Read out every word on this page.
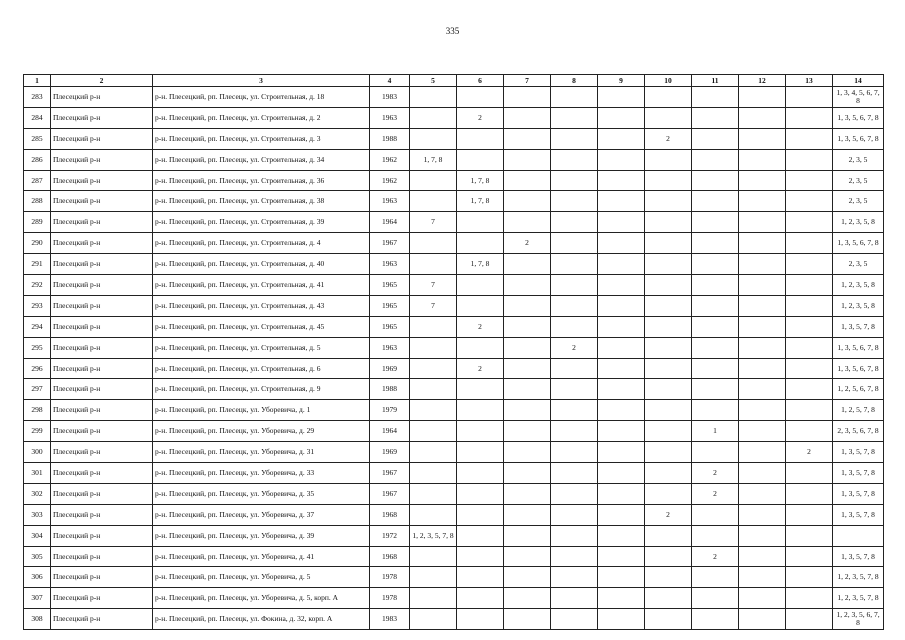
335
1	2	3	4	5	6	7	8	9	10	11	12	13	14
283	Плесецкий р-н	р-н. Плесецкий, рп. Плесецк, ул. Строительная, д. 18	1983										1, 3, 4, 5, 6, 7, 8
284	Плесецкий р-н	р-н. Плесецкий, рп. Плесецк, ул. Строительная, д. 2	1963		2								1, 3, 5, 6, 7, 8
285	Плесецкий р-н	р-н. Плесецкий, рп. Плесецк, ул. Строительная, д. 3	1988						2				1, 3, 5, 6, 7, 8
286	Плесецкий р-н	р-н. Плесецкий, рп. Плесецк, ул. Строительная, д. 34	1962	1, 7, 8									2, 3, 5
287	Плесецкий р-н	р-н. Плесецкий, рп. Плесецк, ул. Строительная, д. 36	1962		1, 7, 8								2, 3, 5
288	Плесецкий р-н	р-н. Плесецкий, рп. Плесецк, ул. Строительная, д. 38	1963		1, 7, 8								2, 3, 5
289	Плесецкий р-н	р-н. Плесецкий, рп. Плесецк, ул. Строительная, д. 39	1964	7									1, 2, 3, 5, 8
290	Плесецкий р-н	р-н. Плесецкий, рп. Плесецк, ул. Строительная, д. 4	1967			2							1, 3, 5, 6, 7, 8
291	Плесецкий р-н	р-н. Плесецкий, рп. Плесецк, ул. Строительная, д. 40	1963		1, 7, 8								2, 3, 5
292	Плесецкий р-н	р-н. Плесецкий, рп. Плесецк, ул. Строительная, д. 41	1965	7									1, 2, 3, 5, 8
293	Плесецкий р-н	р-н. Плесецкий, рп. Плесецк, ул. Строительная, д. 43	1965	7									1, 2, 3, 5, 8
294	Плесецкий р-н	р-н. Плесецкий, рп. Плесецк, ул. Строительная, д. 45	1965		2								1, 3, 5, 7, 8
295	Плесецкий р-н	р-н. Плесецкий, рп. Плесецк, ул. Строительная, д. 5	1963				2						1, 3, 5, 6, 7, 8
296	Плесецкий р-н	р-н. Плесецкий, рп. Плесецк, ул. Строительная, д. 6	1969		2								1, 3, 5, 6, 7, 8
297	Плесецкий р-н	р-н. Плесецкий, рп. Плесецк, ул. Строительная, д. 9	1988										1, 2, 5, 6, 7, 8
298	Плесецкий р-н	р-н. Плесецкий, рп. Плесецк, ул. Уборевича, д. 1	1979										1, 2, 5, 7, 8
299	Плесецкий р-н	р-н. Плесецкий, рп. Плесецк, ул. Уборевича, д. 29	1964							1			2, 3, 5, 6, 7, 8
300	Плесецкий р-н	р-н. Плесецкий, рп. Плесецк, ул. Уборевича, д. 31	1969									2	1, 3, 5, 7, 8
301	Плесецкий р-н	р-н. Плесецкий, рп. Плесецк, ул. Уборевича, д. 33	1967							2			1, 3, 5, 7, 8
302	Плесецкий р-н	р-н. Плесецкий, рп. Плесецк, ул. Уборевича, д. 35	1967							2			1, 3, 5, 7, 8
303	Плесецкий р-н	р-н. Плесецкий, рп. Плесецк, ул. Уборевича, д. 37	1968						2				1, 3, 5, 7, 8
304	Плесецкий р-н	р-н. Плесецкий, рп. Плесецк, ул. Уборевича, д. 39	1972	1, 2, 3, 5, 7, 8									
305	Плесецкий р-н	р-н. Плесецкий, рп. Плесецк, ул. Уборевича, д. 41	1968							2			1, 3, 5, 7, 8
306	Плесецкий р-н	р-н. Плесецкий, рп. Плесецк, ул. Уборевича, д. 5	1978										1, 2, 3, 5, 7, 8
307	Плесецкий р-н	р-н. Плесецкий, рп. Плесецк, ул. Уборевича, д. 5, корп. А	1978										1, 2, 3, 5, 7, 8
308	Плесецкий р-н	р-н. Плесецкий, рп. Плесецк, ул. Фокина, д. 32, корп. А	1983										1, 2, 3, 5, 6, 7, 8
